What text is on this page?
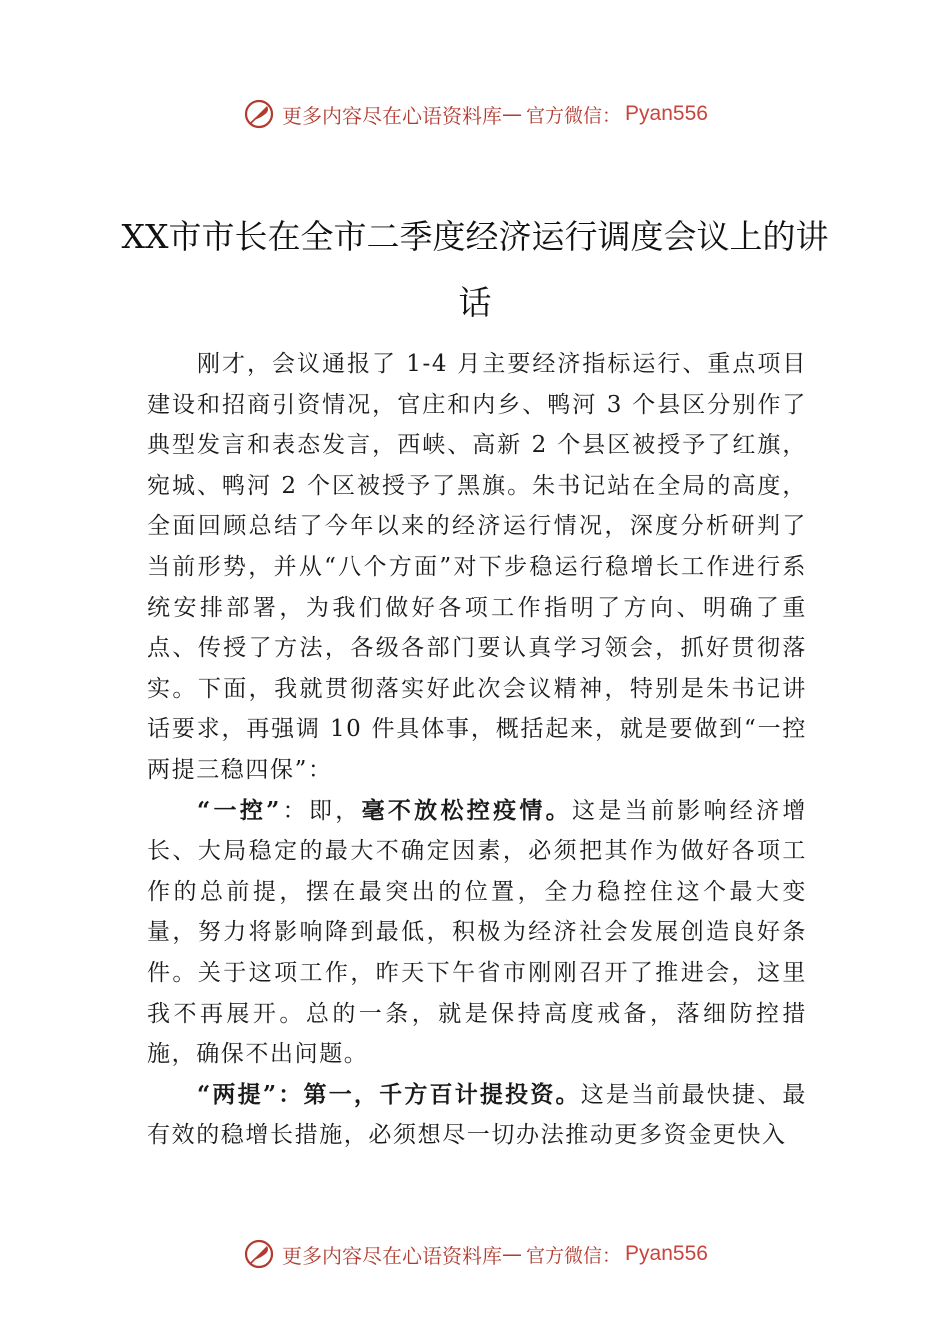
更多内容尽在心语资料库 — 官方微信： Pyan556
XX市市长在全市二季度经济运行调度会议上的讲话

刚才，会议通报了 1-4 月主要经济指标运行、重点项目建设和招商引资情况，官庄和内乡、鸭河 3 个县区分别作了典型发言和表态发言，西峡、高新 2 个县区被授予了红旗，宛城、鸭河 2 个区被授予了黑旗。朱书记站在全局的高度，全面回顾总结了今年以来的经济运行情况，深度分析研判了当前形势，并从“八个方面”对下步稳运行稳增长工作进行系统安排部署，为我们做好各项工作指明了方向、明确了重点、传授了方法，各级各部门要认真学习领会，抓好贯彻落实。下面，我就贯彻落实好此次会议精神，特别是朱书记讲话要求，再强调 10 件具体事，概括起来，就是要做到“一控两提三稳四保”：

“一控”：即，毫不放松控疫情。这是当前影响经济增长、大局稳定的最大不确定因素，必须把其作为做好各项工作的总前提，摆在最突出的位置，全力稳控住这个最大变量，努力将影响降到最低，积极为经济社会发展创造良好条件。关于这项工作，昨天下午省市刚刚召开了推进会，这里我不再展开。总的一条，就是保持高度戒备，落细防控措施，确保不出问题。

“两提”：第一，千方百计提投资。这是当前最快捷、最有效的稳增长措施，必须想尽一切办法推动更多资金更快入

更多内容尽在心语资料库 — 官方微信： Pyan556
